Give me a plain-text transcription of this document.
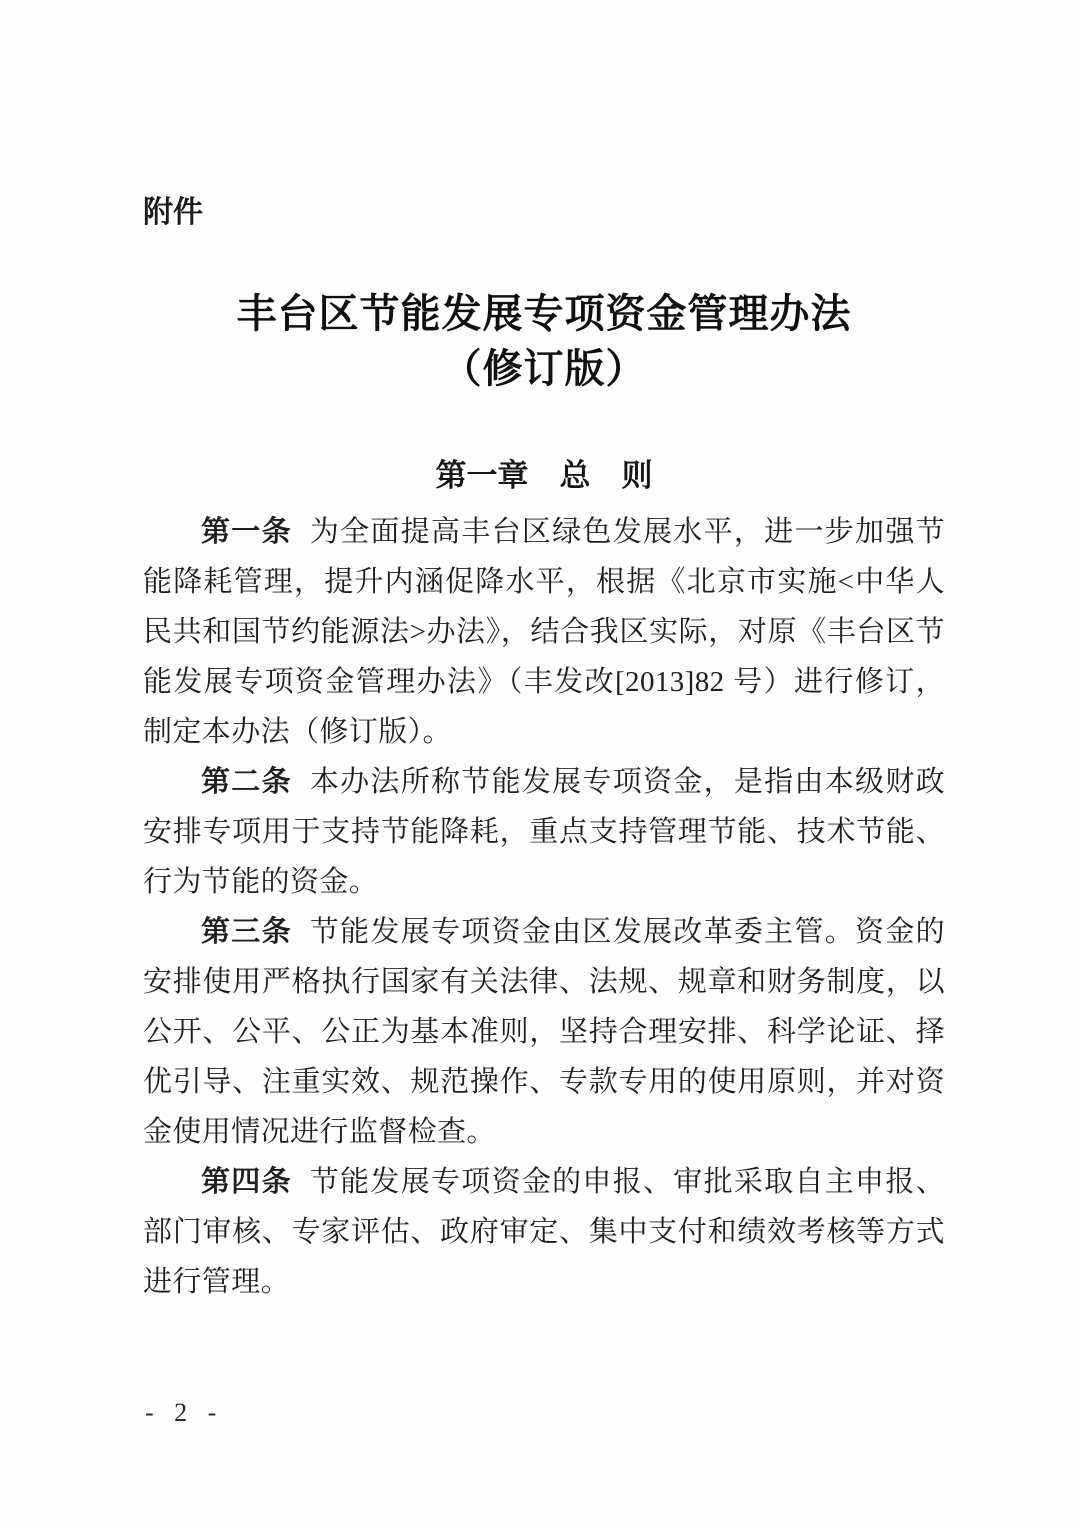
附件
丰台区节能发展专项资金管理办法
（修订版）
第一章　总　则

第一条 为全面提高丰台区绿色发展水平，进一步加强节能降耗管理，提升内涵促降水平，根据《北京市实施<中华人民共和国节约能源法>办法》，结合我区实际，对原《丰台区节能发展专项资金管理办法》（丰发改[2013]82 号）进行修订，制定本办法（修订版）。

第二条 本办法所称节能发展专项资金，是指由本级财政安排专项用于支持节能降耗，重点支持管理节能、技术节能、行为节能的资金。

第三条 节能发展专项资金由区发展改革委主管。资金的安排使用严格执行国家有关法律、法规、规章和财务制度，以公开、公平、公正为基本准则，坚持合理安排、科学论证、择优引导、注重实效、规范操作、专款专用的使用原则，并对资金使用情况进行监督检查。

第四条 节能发展专项资金的申报、审批采取自主申报、部门审核、专家评估、政府审定、集中支付和绩效考核等方式进行管理。

- 2 -
